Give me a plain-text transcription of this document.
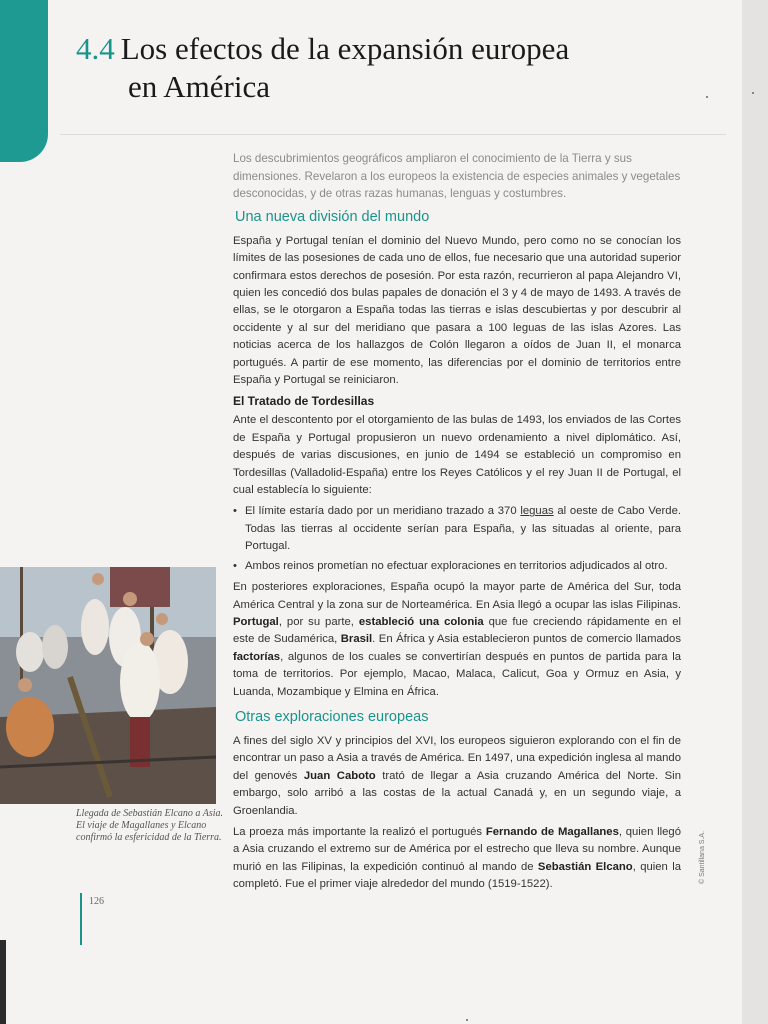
4.4 Los efectos de la expansión europea
en América

Los descubrimientos geográficos ampliaron el conocimiento de la Tierra y sus dimensiones. Revelaron a los europeos la existencia de especies animales y vegetales desconocidas, y de otras razas humanas, lenguas y costumbres.

Una nueva división del mundo

España y Portugal tenían el dominio del Nuevo Mundo, pero como no se conocían los límites de las posesiones de cada uno de ellos, fue necesario que una autoridad superior confirmara estos derechos de posesión. Por esta razón, recurrieron al papa Alejandro VI, quien les concedió dos bulas papales de donación el 3 y 4 de mayo de 1493. A través de ellas, se le otorgaron a España todas las tierras e islas descubiertas y por descubrir al occidente y al sur del meridiano que pasara a 100 leguas de las islas Azores. Las noticias acerca de los hallazgos de Colón llegaron a oídos de Juan II, el monarca portugués. A partir de ese momento, las diferencias por el dominio de territorios entre España y Portugal se reiniciaron.

El Tratado de Tordesillas

Ante el descontento por el otorgamiento de las bulas de 1493, los enviados de las Cortes de España y Portugal propusieron un nuevo ordenamiento a nivel diplomático. Así, después de varias discusiones, en junio de 1494 se estableció un compromiso en Tordesillas (Valladolid-España) entre los Reyes Católicos y el rey Juan II de Portugal, el cual establecía lo siguiente:

• El límite estaría dado por un meridiano trazado a 370 leguas al oeste de Cabo Verde. Todas las tierras al occidente serían para España, y las situadas al oriente, para Portugal.
• Ambos reinos prometían no efectuar exploraciones en territorios adjudicados al otro.

En posteriores exploraciones, España ocupó la mayor parte de América del Sur, toda América Central y la zona sur de Norteamérica. En Asia llegó a ocupar las islas Filipinas. Portugal, por su parte, estableció una colonia que fue creciendo rápidamente en el este de Sudamérica, Brasil. En África y Asia establecieron puntos de comercio llamados factorías, algunos de los cuales se convertirían después en puntos de partida para la toma de territorios. Por ejemplo, Macao, Malaca, Calicut, Goa y Ormuz en Asia, y Luanda, Mozambique y Elmina en África.

Otras exploraciones europeas

A fines del siglo XV y principios del XVI, los europeos siguieron explorando con el fin de encontrar un paso a Asia a través de América. En 1497, una expedición inglesa al mando del genovés Juan Caboto trató de llegar a Asia cruzando América del Norte. Sin embargo, solo arribó a las costas de la actual Canadá y, en un segundo viaje, a Groenlandia.

La proeza más importante la realizó el portugués Fernando de Magallanes, quien llegó a Asia cruzando el extremo sur de América por el estrecho que lleva su nombre. Aunque murió en las Filipinas, la expedición continuó al mando de Sebastián Elcano, quien la completó. Fue el primer viaje alrededor del mundo (1519-1522).

Llegada de Sebastián Elcano a Asia. El viaje de Magallanes y Elcano confirmó la esfericidad de la Tierra.
126
© Santillana S.A.
